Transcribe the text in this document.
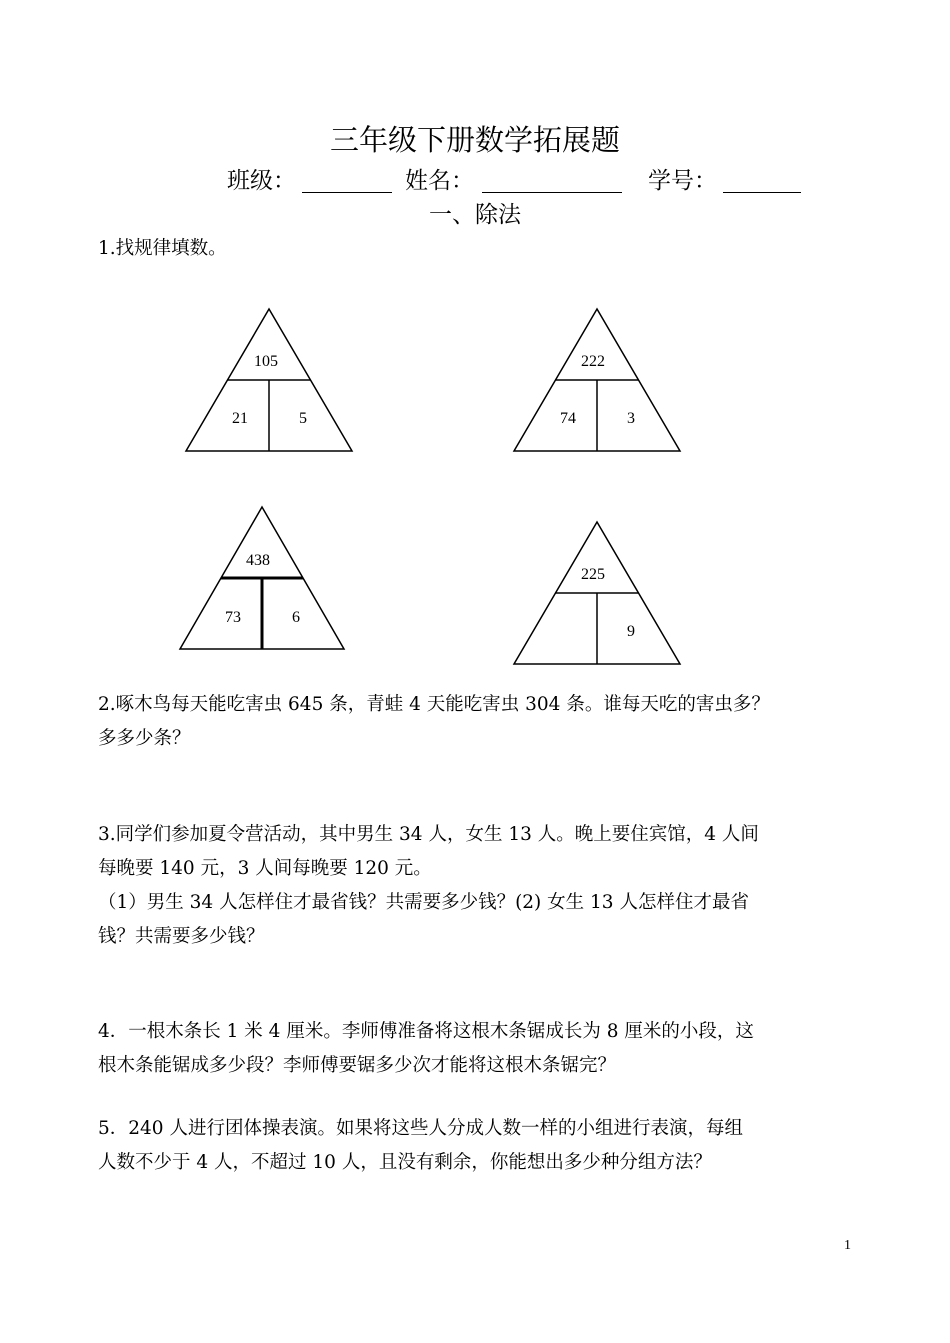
三年级下册数学拓展题
班级：	姓名：	学号：
一、除法
1.找规律填数。
105
21	5
222
74	3
438
73	6
225
9
2.啄木鸟每天能吃害虫 645 条，青蛙 4 天能吃害虫 304 条。谁每天吃的害虫多？
多多少条？
3.同学们参加夏令营活动，其中男生 34 人，女生 13 人。晚上要住宾馆，4 人间
每晚要 140 元，3 人间每晚要 120 元。
（1）男生 34 人怎样住才最省钱？共需要多少钱？(2) 女生 13 人怎样住才最省
钱？共需要多少钱？
4．一根木条长 1 米 4 厘米。李师傅准备将这根木条锯成长为 8 厘米的小段，这
根木条能锯成多少段？李师傅要锯多少次才能将这根木条锯完？
5．240 人进行团体操表演。如果将这些人分成人数一样的小组进行表演，每组
人数不少于 4 人，不超过 10 人，且没有剩余，你能想出多少种分组方法？
1
